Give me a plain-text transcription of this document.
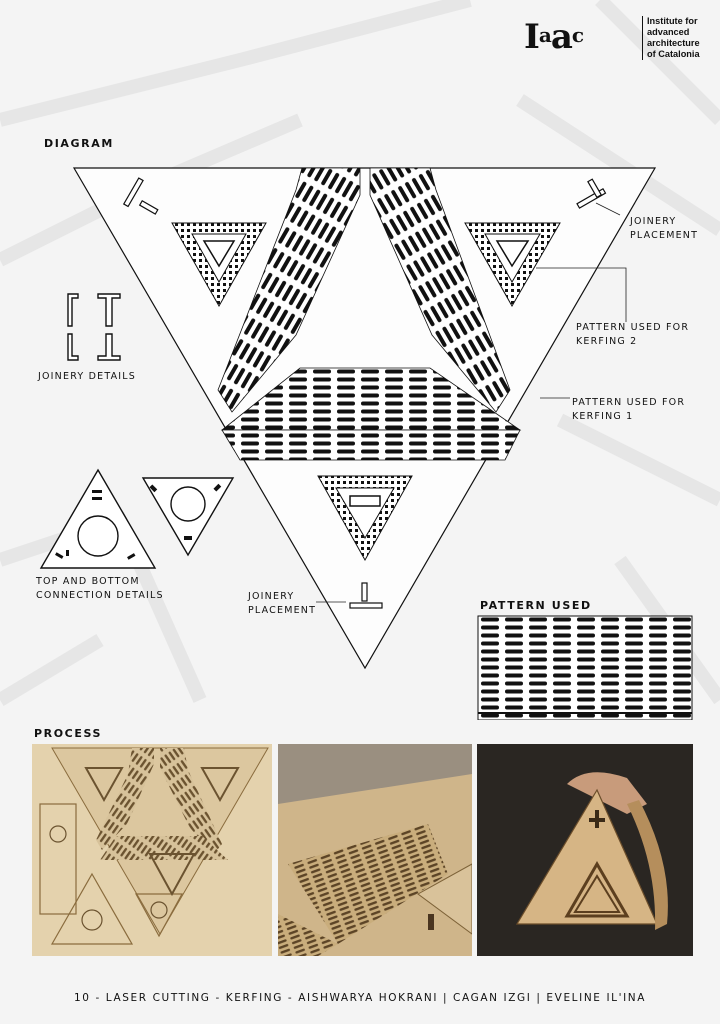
$I^aa^c$
Institute for
advanced
architecture
of Catalonia
DIAGRAM
JOINERY
PLACEMENT
PATTERN USED FOR
KERFING 2
PATTERN USED FOR
KERFING 1
JOINERY DETAILS
TOP AND BOTTOM
CONNECTION DETAILS	JOINERY
PLACEMENT	PATTERN USED
PROCESS
10 - LASER CUTTING - KERFING - AISHWARYA HOKRANI | CAGAN IZGI | EVELINE IL'INA
